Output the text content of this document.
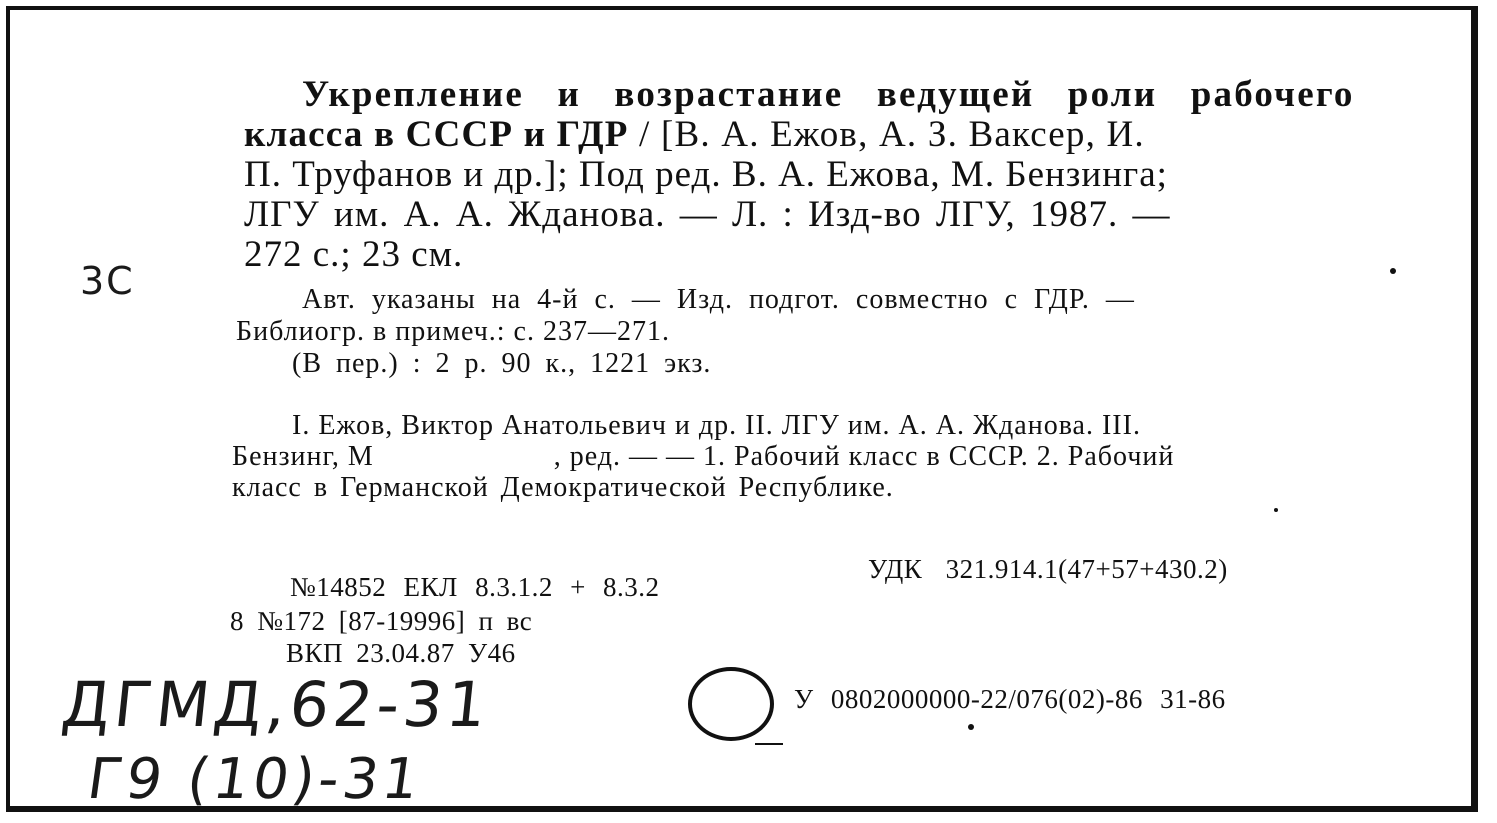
Укрепление и возрастание ведущей роли рабочего

класса в СССР и ГДР / [В. А. Ежов, А. З. Ваксер, И.

П. Труфанов и др.]; Под ред. В. А. Ежова, М. Бензинга;

ЛГУ им. А. А. Жданова. — Л. : Изд-во ЛГУ, 1987. —

272 с.; 23 см.

Авт. указаны на 4-й с. — Изд. подгот. совместно с ГДР. —

Библиогр. в примеч.: с. 237—271.

(В пер.) : 2 р. 90 к., 1221 экз.

I. Ежов, Виктор Анатольевич и др. II. ЛГУ им. А. А. Жданова. III.

Бензинг, М	, ред. — — 1. Рабочий класс в СССР. 2. Рабочий

класс в Германской Демократической Республике.

УДК 321.914.1(47+57+430.2)

№14852 ЕКЛ 8.3.1.2 + 8.3.2

8 №172 [87-19996] п вс

ВКП 23.04.87 У46

У 0802000000-22/076(02)-86 31-86

3С
ДГМД,62-31
Г9 (10)-31
